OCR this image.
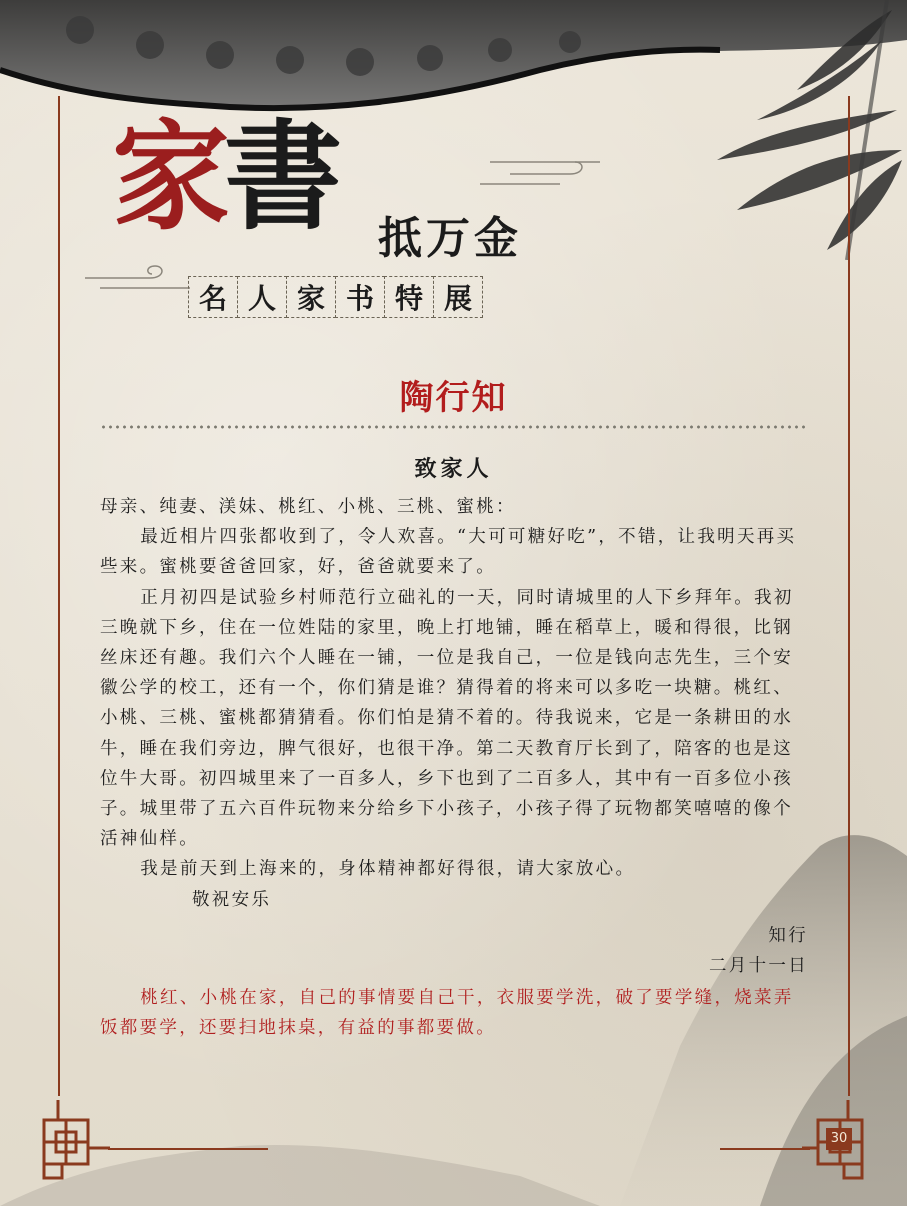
家書 抵万金
名 人 家 书 特 展
陶行知
致家人

母亲、纯妻、渼妹、桃红、小桃、三桃、蜜桃：

最近相片四张都收到了，令人欢喜。“大可可糖好吃”，不错，让我明天再买些来。蜜桃要爸爸回家，好，爸爸就要来了。

正月初四是试验乡村师范行立础礼的一天，同时请城里的人下乡拜年。我初三晚就下乡，住在一位姓陆的家里，晚上打地铺，睡在稻草上，暖和得很，比钢丝床还有趣。我们六个人睡在一铺，一位是我自己，一位是钱向志先生，三个安徽公学的校工，还有一个，你们猜是谁？猜得着的将来可以多吃一块糖。桃红、小桃、三桃、蜜桃都猜猜看。你们怕是猜不着的。待我说来，它是一条耕田的水牛，睡在我们旁边，脾气很好，也很干净。第二天教育厅长到了，陪客的也是这位牛大哥。初四城里来了一百多人，乡下也到了二百多人，其中有一百多位小孩子。城里带了五六百件玩物来分给乡下小孩子，小孩子得了玩物都笑嘻嘻的像个活神仙样。

我是前天到上海来的，身体精神都好得很，请大家放心。

敬祝安乐

知行

二月十一日

桃红、小桃在家，自己的事情要自己干，衣服要学洗，破了要学缝，烧菜弄饭都要学，还要扫地抹桌，有益的事都要做。

30
